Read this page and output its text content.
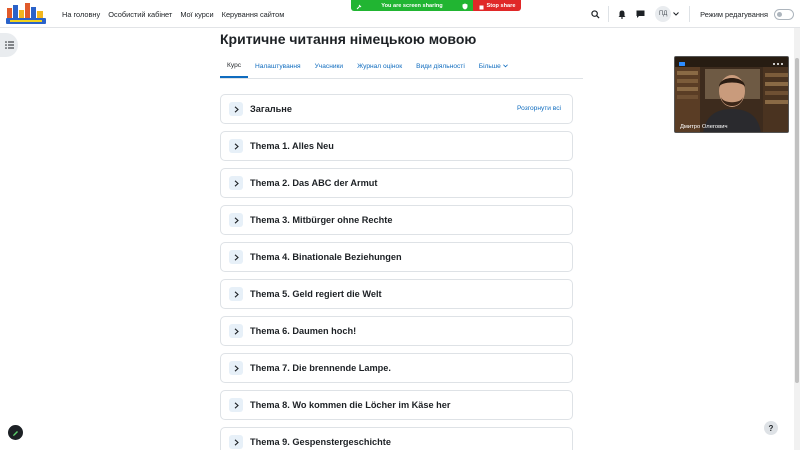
На головну Особистий кабінет Мої курси Керування сайтом	ПД	Режим редагування
You are screen sharing	Stop share
Критичне читання німецькою мовою
Курс	Налаштування	Учасники	Журнал оцінок	Види діяльності	Більше
Загальне	Розгорнути всі
Thema 1. Alles Neu
Thema 2. Das ABC der Armut
Thema 3. Mitbürger ohne Rechte
Thema 4. Binationale Beziehungen
Thema 5. Geld regiert die Welt
Thema 6. Daumen hoch!
Thema 7. Die brennende Lampe.
Thema 8. Wo kommen die Löcher im Käse her
Thema 9. Gespenstergeschichte
Дмитро Олегович
?
